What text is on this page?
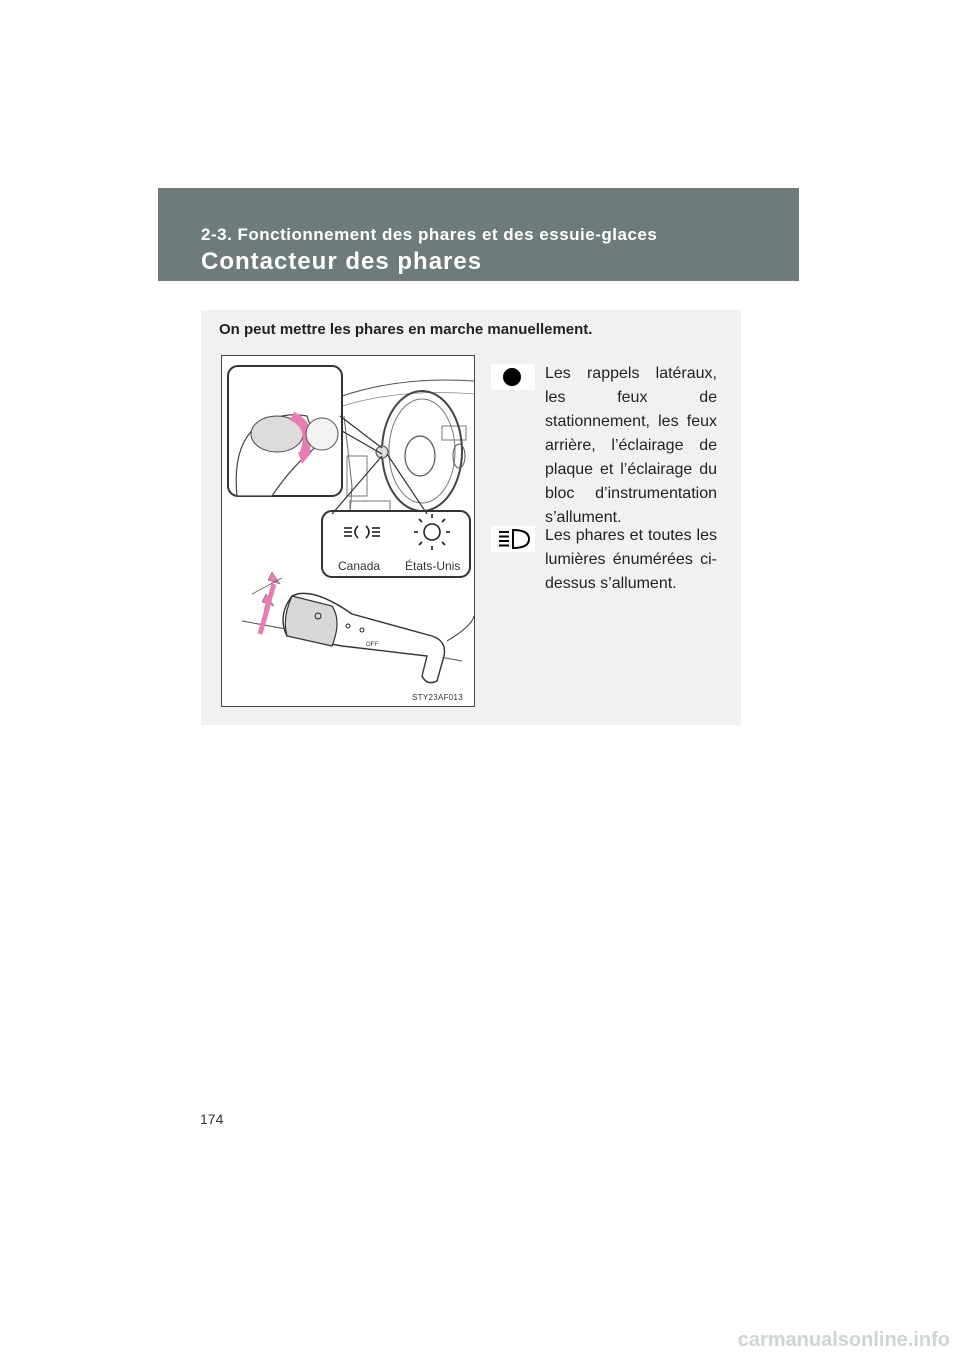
2-3. Fonctionnement des phares et des essuie-glaces
Contacteur des phares
On peut mettre les phares en marche manuellement.
OFF
Canada États-Unis
STY23AF013
Les rappels latéraux, les feux de stationnement, les feux arrière, l’éclairage de plaque et l’éclairage du bloc d’instrumentation s’allument.
Les phares et toutes les lumières énumérées ci-dessus s’allument.
174
carmanualsonline.info
